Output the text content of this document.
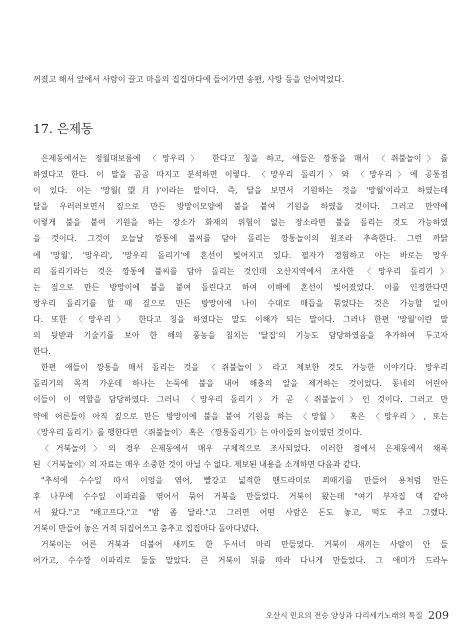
꺼졌고 해서 앞에서 사람이 끌고 마을의 집집마다에 들어가면 송편, 사탕 등을 얻어먹었다.
17. 은제동
은제동에서는 정월대보름에 〈망우리〉 한다고 칭을 하고, 애들은 깡통을 매서 〈쥐불놀이〉를
하였다고 한다. 이 말을 곰곰 따지고 분석하면 이렇다. 〈망우리 돌리기〉와 〈망우리〉에 공통점
이 있다. 이는 '망월(望月)'이라는 말이다. 즉, 달을 보면서 기원하는 것을 '망월'이라고 하였는데
달을 우러러보면서 짚으로 만든 방망이모양에 불을 붙여 기원을 하였을 것이다. 그러고 만약에
이렇게 불을 붙여 기원을 하는 장소가 화재의 위험이 없는 장소라면 불을 돌리는 것도 가능하였
을 것이다. 그것이 오늘날 깡통에 불씨를 담아 돌리는 깡통놀이의 원조라 추측한다. 그런 까닭
에 '망월', '망우리', '망우리 돌리기'에 혼선이 빚어지고 있다. 필자가 경험하고 아는 바로는 망우
리 돌리기라는 것은 깡통에 불씨를 담아 돌리는 것인데 오산지역에서 조사한 〈망우리 돌리기〉
는 짚으로 만든 방망이에 불을 붙여 돌린다고 하여 이해에 혼선이 빚어졌었다. 이를 인정한다면
망우리 돌리기를 할 때 짚으로 만든 방망이에 나이 수대로 매듭을 묶었다는 것은 가능할 일이
다. 또한 〈망우리〉 한다고 칭을 하였다는 말도 이해가 되는 말이다. 그러나 한편 '망월'이란 말
의 뒷받과 기술기를 보아 한 해의 풍농을 침치는 '달집'의 기능도 담당하였음을 추가하여 두고자
한다.
한편 애들이 깡통을 매서 돌리는 것을 〈쥐불놀이〉라고 제보한 것도 가능한 이야기다. 망우리
돌리기의 목적 가운데 하나는 논둑에 불을 내어 해충의 알을 제거하는 것이었다. 동네의 어린아
이들이 이 역할을 담당하였다. 그러니 〈망우리 돌리기〉가 곧 〈쥐불놀이〉인 것이다. 그러고 만
약에 어른들이 아직 짚으로 만든 방망이에 불을 붙여 기원을 하는 〈망월〉 혹은 〈망우리〉, 또는
〈망우리 돌리기〉를 행한다면 〈쥐불놀이〉 혹은 〈깡통돌리기〉는 아이들의 놀이였던 것이다.
〈거북놀이〉의 경우 은제동에서 매우 구체적으로 조사되었다. 이러한 점에서 은제동에서 채록
된 〈거북놀이〉의 자료는 매우 소중한 것이 아닐 수 없다. 제보된 내용을 소개하면 다음과 같다.
"추석에 수수잎 따서 이엉을 엮어, 빨강고 넓적한 맨드라미로 꾀때기를 만들어 용처럼 만든
후 나무에 수수잎 이파리를 엮어서 묶어 거북을 만들었다. 거북이 왔는데 "여기 부자집 댁 같아
서 왔다."고 "배고프다."고 "밤 좀 달라."고 그러면 어떤 사람은 돈도 놓고, 떡도 주고 그랬다.
거북이 만들어 놓은 거적 뒤집어쓰고 춤추고 집집마다 돌아다녔다.
거북이는 어른 거북과 더불어 새끼도 한 두서너 마리 만들었다. 거북이 새끼는 사람이 안 들
어가고, 수수깡 이파리로 둘둘 말았다. 큰 거북이 뒤를 따라 다니게 만들었다. 그 애미가 드라누
오산시 민요의 전승 양상과 다리세기노래의 특질 209
